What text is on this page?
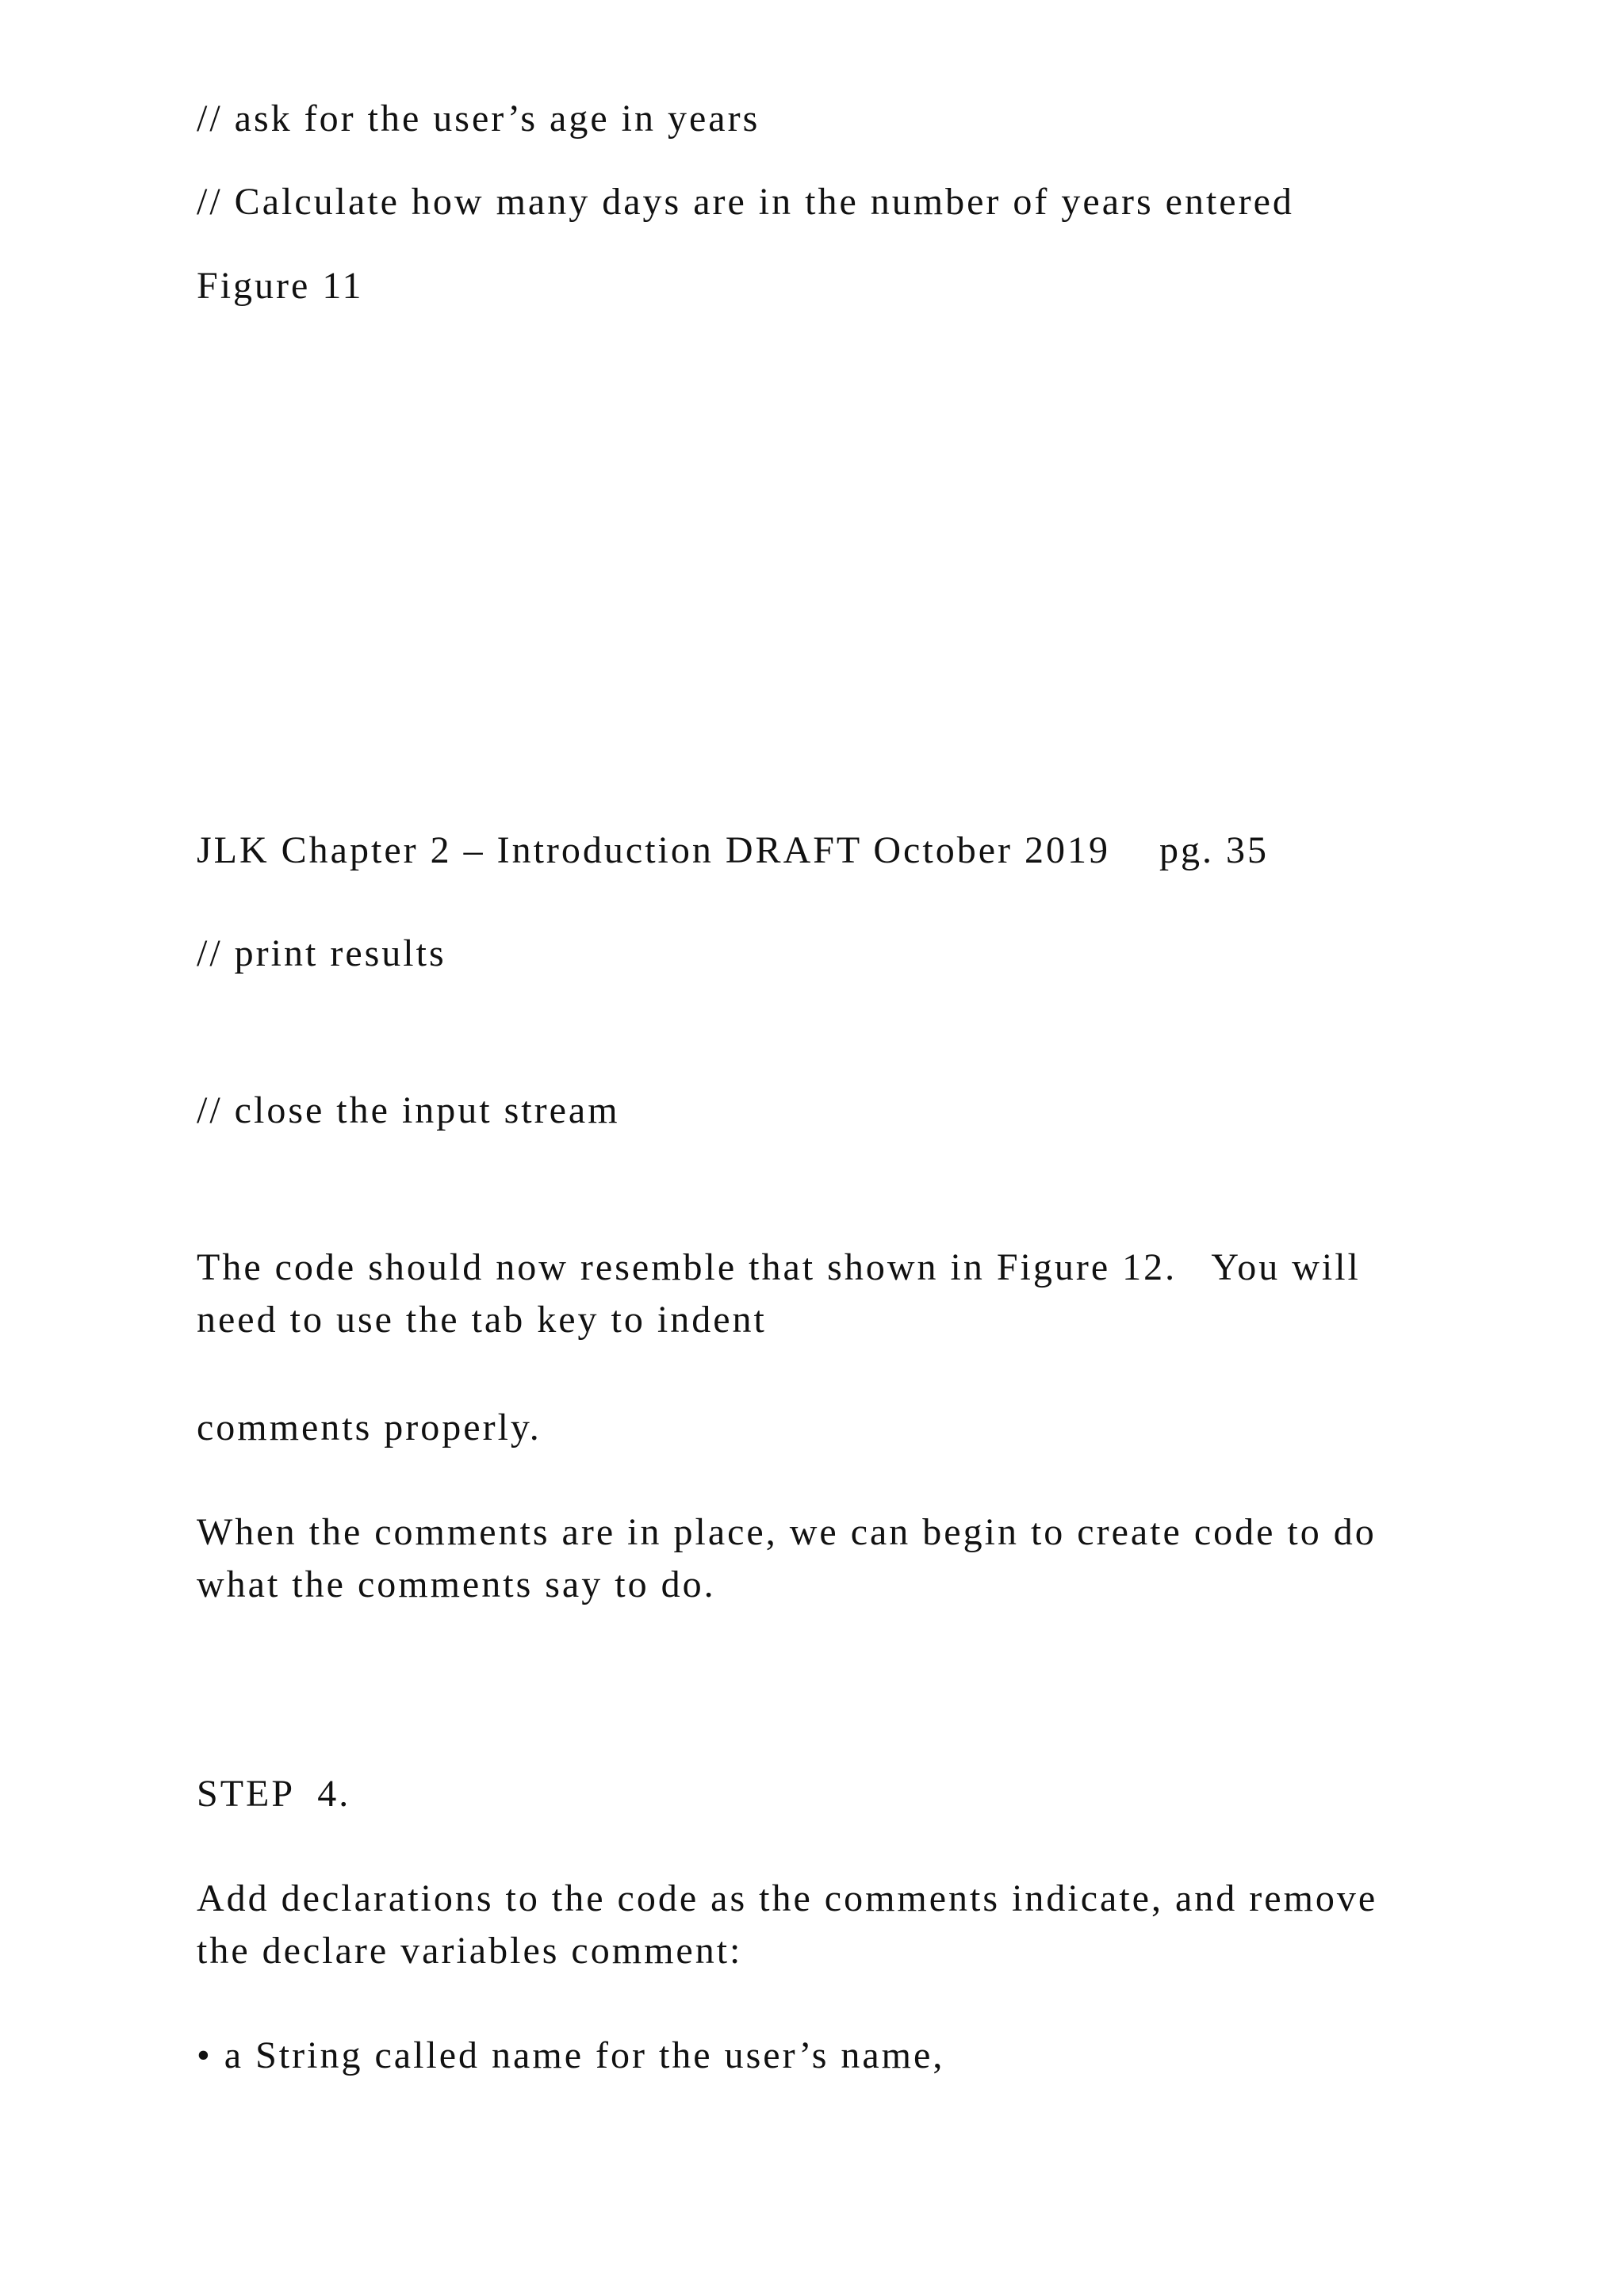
// ask for the user’s age in years

// Calculate how many days are in the number of years entered

Figure 11

JLK Chapter 2 – Introduction DRAFT October 2019 pg. 35

// print results

// close the input stream

The code should now resemble that shown in Figure 12.   You will need to use the tab key to indent

comments properly.

When the comments are in place, we can begin to create code to do what the comments say to do.

STEP  4.

Add declarations to the code as the comments indicate, and remove the declare variables comment:

• a String called name for the user’s name,
